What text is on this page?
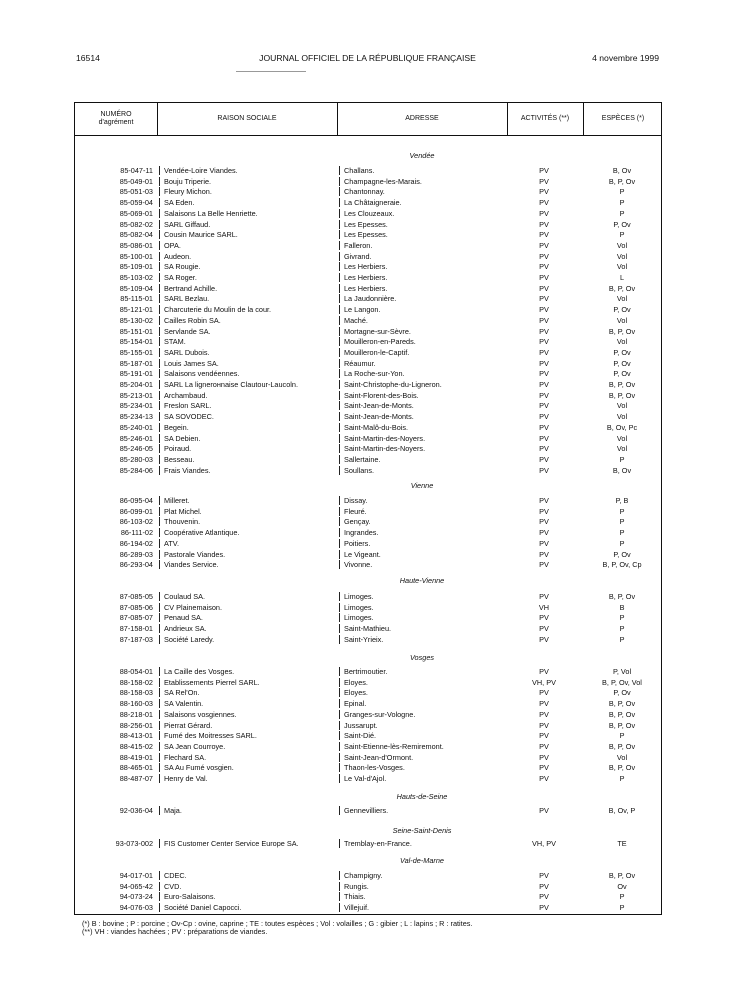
16514	JOURNAL OFFICIEL DE LA RÉPUBLIQUE FRANÇAISE	4 novembre 1999
NUMÉRO d'agrément
RAISON SOCIALE	ADRESSE	ACTIVITÉS (**)	ESPÈCES (*)
Vendée
85-047-11	Vendée-Loire Viandes.	Challans.	PV	B, Ov
85-049-01	Bouju Triperie.	Champagne-les-Marais.	PV	B, P, Ov
85-051-03	Fleury Michon.	Chantonnay.	PV	P
85-059-04	SA Eden.	La Châtaigneraie.	PV	P
85-069-01	Salaisons La Belle Henriette.	Les Clouzeaux.	PV	P
85-082-02	SARL Giffaud.	Les Epesses.	PV	P, Ov
85-082-04	Cousin Maurice SARL.	Les Epesses.	PV	P
85-086-01	OPA.	Falleron.	PV	Vol
85-100-01	Audeon.	Givrand.	PV	Vol
85-109-01	SA Rougie.	Les Herbiers.	PV	Vol
85-103-02	SA Roger.	Les Herbiers.	PV	L
85-109-04	Bertrand Achille.	Les Herbiers.	PV	B, P, Ov
85-115-01	SARL Bezlau.	La Jaudonnière.	PV	Vol
85-121-01	Charcuterie du Moulin de la cour.	Le Langon.	PV	P, Ov
85-130-02	Cailles Robin SA.	Maché.	PV	Vol
85-151-01	Servlande SA.	Mortagne-sur-Sèvre.	PV	B, P, Ov
85-154-01	STAM.	Mouilleron-en-Pareds.	PV	Vol
85-155-01	SARL Dubois.	Mouilleron-le-Captif.	PV	P, Ov
85-187-01	Louis James SA.	Réaumur.	PV	P, Ov
85-191-01	Salaisons vendéennes.	La Roche-sur-Yon.	PV	P, Ov
85-204-01	SARL La lignerонnaise Clautour-Laucoln.	Saint-Christophe-du-Ligneron.	PV	B, P, Ov
85-213-01	Archambaud.	Saint-Florent-des-Bois.	PV	B, P, Ov
85-234-01	Freslon SARL.	Saint-Jean-de-Monts.	PV	Vol
85-234-13	SA SOVODEC.	Saint-Jean-de-Monts.	PV	Vol
85-240-01	Begein.	Saint-Malô-du-Bois.	PV	B, Ov, Pc
85-246-01	SA Debien.	Saint-Martin-des-Noyers.	PV	Vol
85-246-05	Poiraud.	Saint-Martin-des-Noyers.	PV	Vol
85-280-03	Besseau.	Sallertaine.	PV	P
85-284-06	Frais Viandes.	Soullans.	PV	B, Ov
Vienne
86-095-04	Milleret.	Dissay.	PV	P, B
86-099-01	Plat Michel.	Fleuré.	PV	P
86-103-02	Thouvenin.	Gençay.	PV	P
86-111-02	Coopérative Atlantique.	Ingrandes.	PV	P
86-194-02	ATV.	Poitiers.	PV	P
86-289-03	Pastorale Viandes.	Le Vigeant.	PV	P, Ov
86-293-04	Viandes Service.	Vivonne.	PV	B, P, Ov, Cp
Haute-Vienne
87-085-05	Coulaud SA.	Limoges.	PV	B, P, Ov
87-085-06	CV Plainemaison.	Limoges.	VH	B
87-085-07	Penaud SA.	Limoges.	PV	P
87-158-01	Andrieux SA.	Saint-Mathieu.	PV	P
87-187-03	Société Laredy.	Saint-Yrieix.	PV	P
Vosges
88-054-01	La Caille des Vosges.	Bertrimoutier.	PV	P, Vol
88-158-02	Etablissements Pierrel SARL.	Eloyes.	VH, PV	B, P, Ov, Vol
88-158-03	SA Rel'On.	Eloyes.	PV	P, Ov
88-160-03	SA Valentin.	Epinal.	PV	B, P, Ov
88-218-01	Salaisons vosgiennes.	Granges-sur-Vologne.	PV	B, P, Ov
88-256-01	Pierrat Gérard.	Jussarupt.	PV	B, P, Ov
88-413-01	Fumé des Moitresses SARL.	Saint-Dié.	PV	P
88-415-02	SA Jean Courroye.	Saint-Etienne-lès-Remiremont.	PV	B, P, Ov
88-419-01	Flechard SA.	Saint-Jean-d'Ormont.	PV	Vol
88-465-01	SA Au Fumé vosgien.	Thaon-les-Vosges.	PV	B, P, Ov
88-487-07	Henry de Val.	Le Val-d'Ajol.	PV	P
Hauts-de-Seine
92-036-04	Maja.	Gennevilliers.	PV	B, Ov, P
Seine-Saint-Denis
93-073-002	FIS Customer Center Service Europe SA.	Tremblay-en-France.	VH, PV	TE
Val-de-Marne
94-017-01	CDEC.	Champigny.	PV	B, P, Ov
94-065-42	CVD.	Rungis.	PV	Ov
94-073-24	Euro-Salaisons.	Thiais.	PV	P
94-076-03	Société Daniel Capocci.	Villejuif.	PV	P
(*) B : bovine ; P : porcine ; Ov-Cp : ovine, caprine ; TE : toutes espèces ; Vol : volailles ; G : gibier ; L : lapins ; R : ratites.
(**) VH : viandes hachées ; PV : préparations de viandes.
